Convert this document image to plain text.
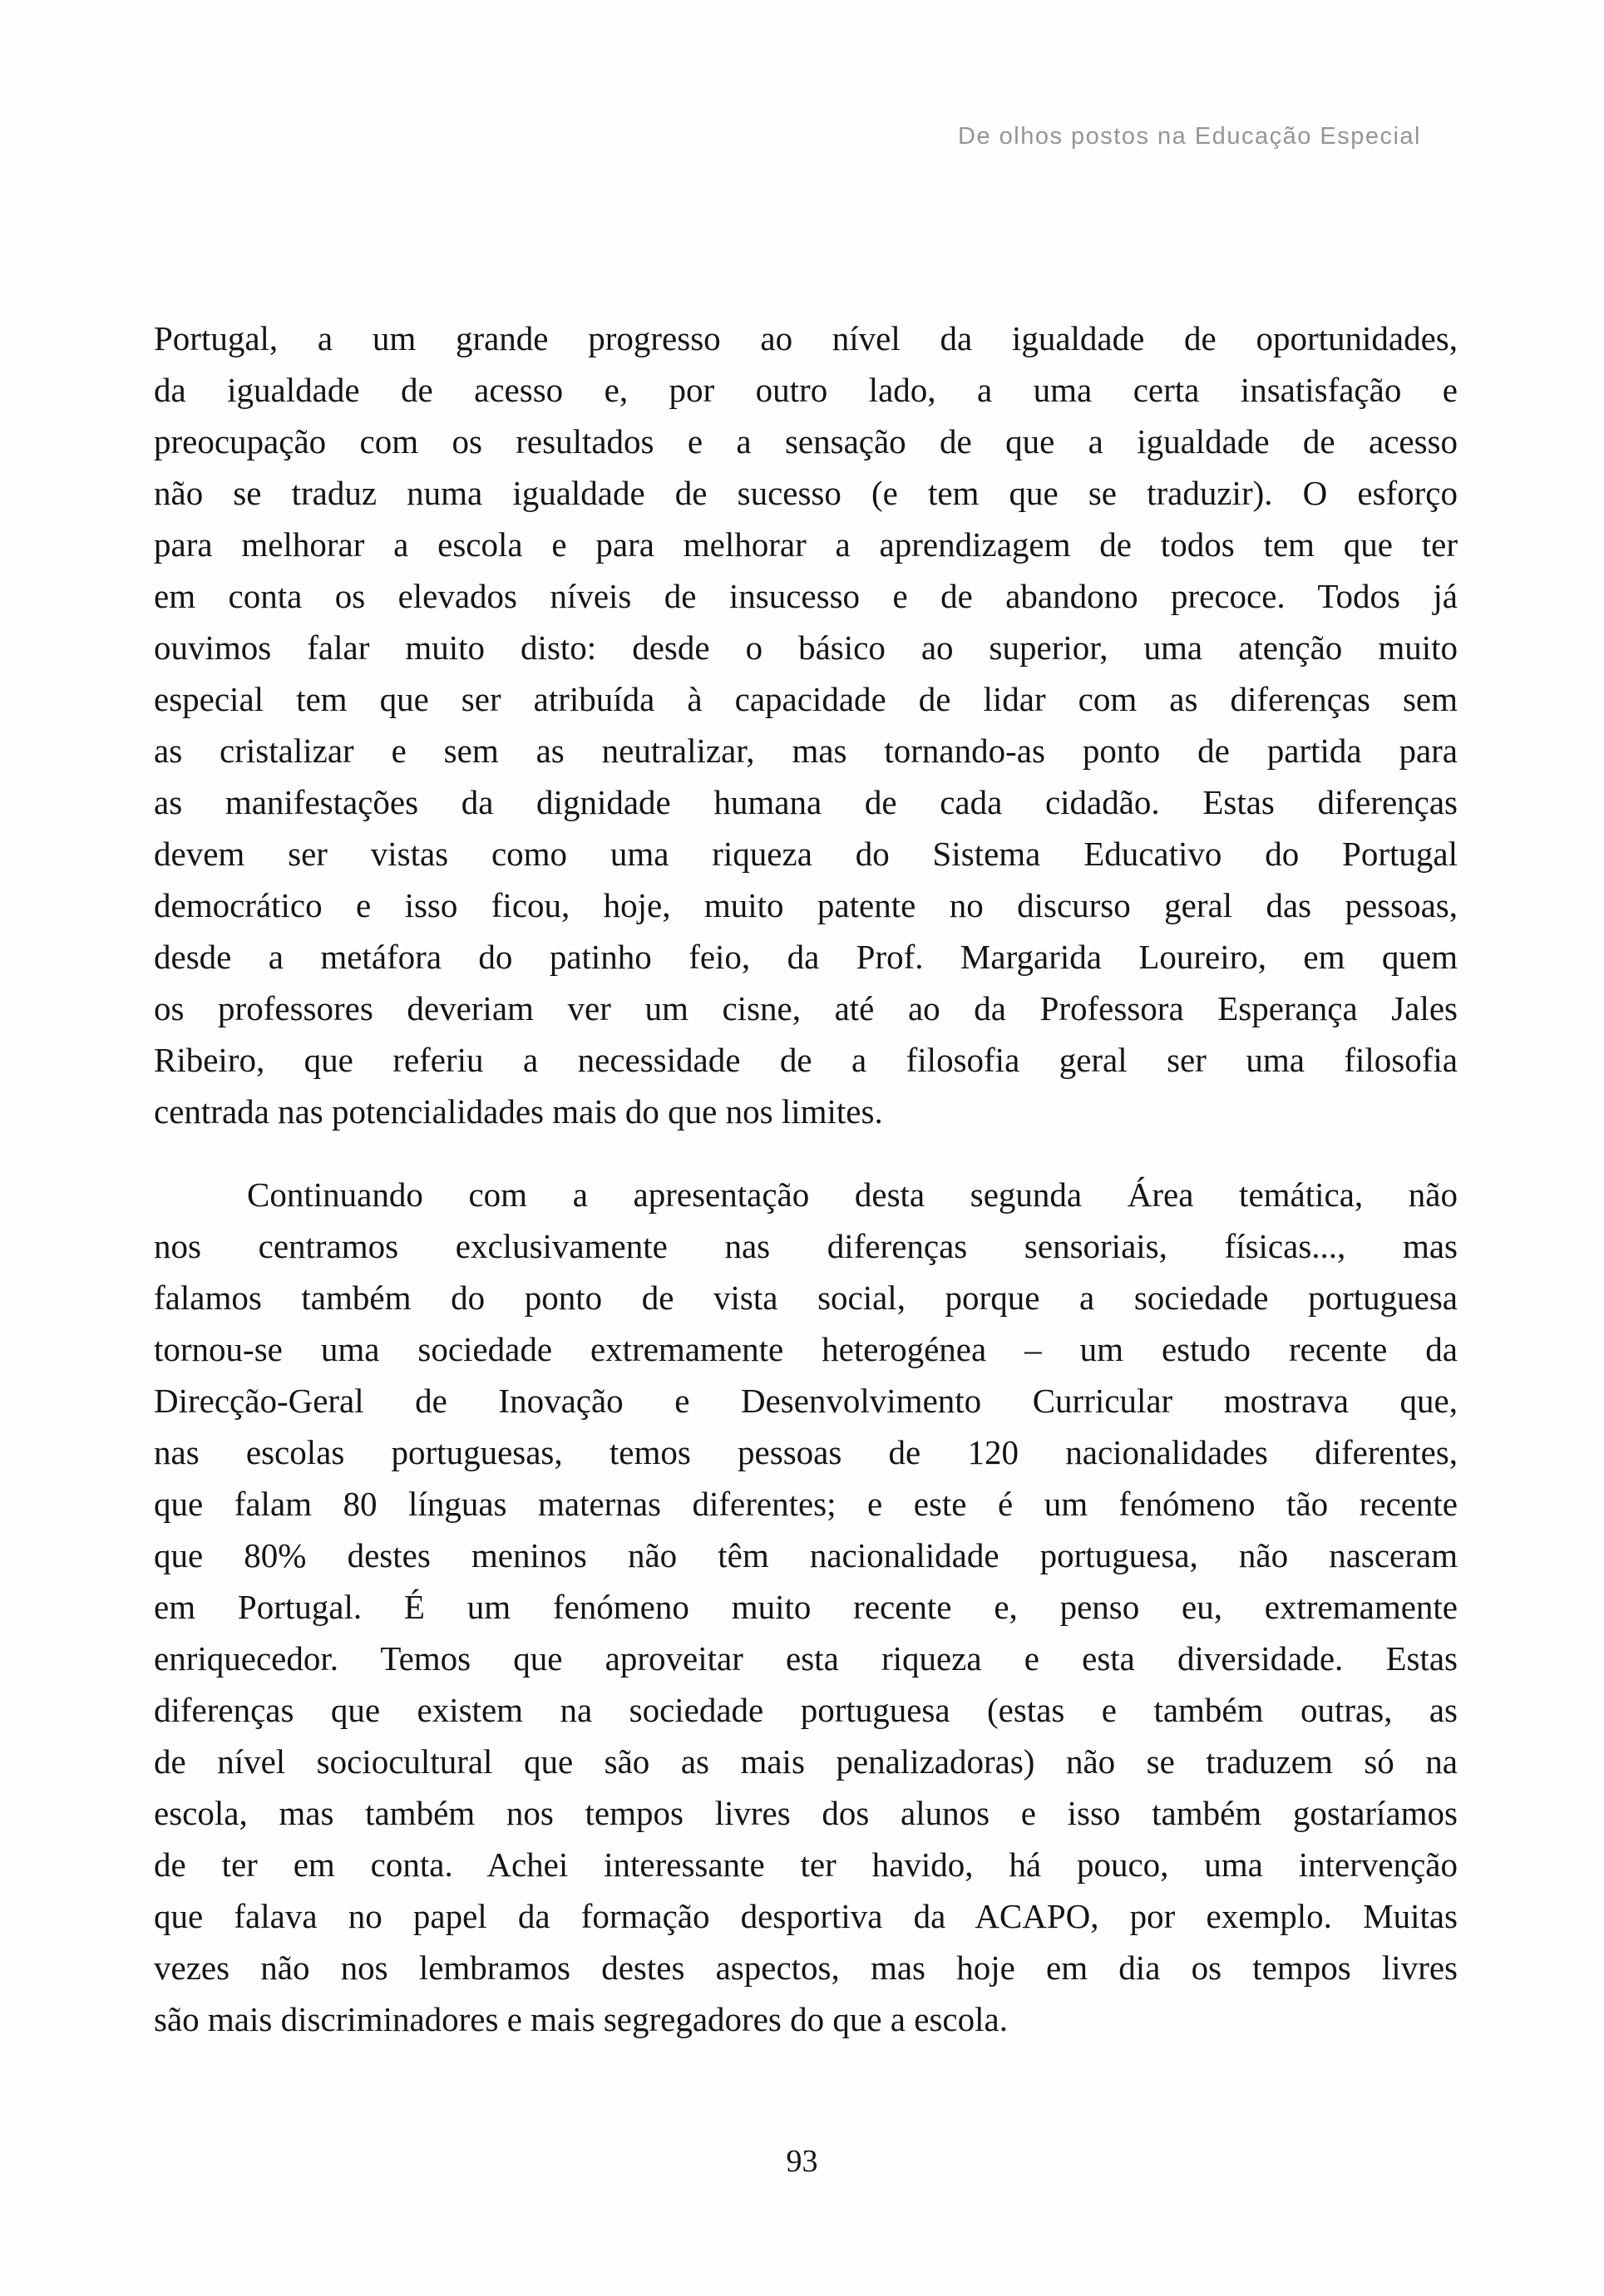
De olhos postos na Educação Especial
Portugal, a um grande progresso ao nível da igualdade de oportunidades,
da igualdade de acesso e, por outro lado, a uma certa insatisfação e
preocupação com os resultados e a sensação de que a igualdade de acesso
não se traduz numa igualdade de sucesso (e tem que se traduzir). O esforço
para melhorar a escola e para melhorar a aprendizagem de todos tem que ter
em conta os elevados níveis de insucesso e de abandono precoce. Todos já
ouvimos falar muito disto: desde o básico ao superior, uma atenção muito
especial tem que ser atribuída à capacidade de lidar com as diferenças sem
as cristalizar e sem as neutralizar, mas tornando-as ponto de partida para
as manifestações da dignidade humana de cada cidadão. Estas diferenças
devem ser vistas como uma riqueza do Sistema Educativo do Portugal
democrático e isso ficou, hoje, muito patente no discurso geral das pessoas,
desde a metáfora do patinho feio, da Prof. Margarida Loureiro, em quem
os professores deveriam ver um cisne, até ao da Professora Esperança Jales
Ribeiro, que referiu a necessidade de a filosofia geral ser uma filosofia
centrada nas potencialidades mais do que nos limites.
Continuando com a apresentação desta segunda Área temática, não
nos centramos exclusivamente nas diferenças sensoriais, físicas..., mas
falamos também do ponto de vista social, porque a sociedade portuguesa
tornou-se uma sociedade extremamente heterogénea – um estudo recente da
Direcção-Geral de Inovação e Desenvolvimento Curricular mostrava que,
nas escolas portuguesas, temos pessoas de 120 nacionalidades diferentes,
que falam 80 línguas maternas diferentes; e este é um fenómeno tão recente
que 80% destes meninos não têm nacionalidade portuguesa, não nasceram
em Portugal. É um fenómeno muito recente e, penso eu, extremamente
enriquecedor. Temos que aproveitar esta riqueza e esta diversidade. Estas
diferenças que existem na sociedade portuguesa (estas e também outras, as
de nível sociocultural que são as mais penalizadoras) não se traduzem só na
escola, mas também nos tempos livres dos alunos e isso também gostaríamos
de ter em conta. Achei interessante ter havido, há pouco, uma intervenção
que falava no papel da formação desportiva da ACAPO, por exemplo. Muitas
vezes não nos lembramos destes aspectos, mas hoje em dia os tempos livres
são mais discriminadores e mais segregadores do que a escola.
93
